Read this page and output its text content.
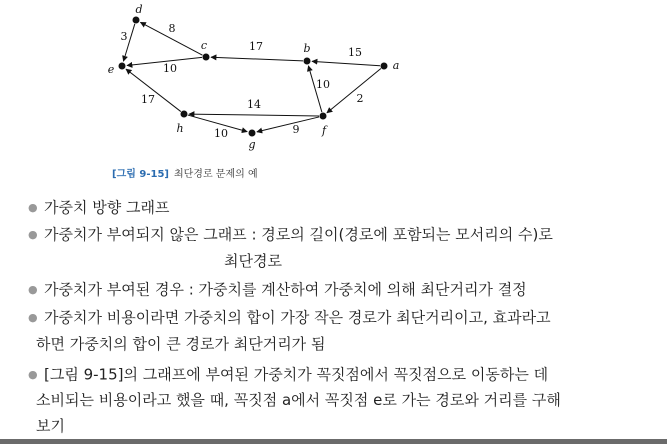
8
3
17	15
10
10
2
17	14
10	9
d
c	b
a
e
h	f
g
[그림 9-15] 최단경로 문제의 예
● 가중치 방향 그래프
● 가중치가 부여되지 않은 그래프 : 경로의 길이(경로에 포함되는 모서리의 수)로
최단경로
● 가중치가 부여된 경우 : 가중치를 계산하여 가중치에 의해 최단거리가 결정
● 가중치가 비용이라면 가중치의 합이 가장 작은 경로가 최단거리이고, 효과라고
하면 가중치의 합이 큰 경로가 최단거리가 됨
● [그림 9-15]의 그래프에 부여된 가중치가 꼭짓점에서 꼭짓점으로 이동하는 데
소비되는 비용이라고 했을 때, 꼭짓점 a에서 꼭짓점 e로 가는 경로와 거리를 구해
보기
